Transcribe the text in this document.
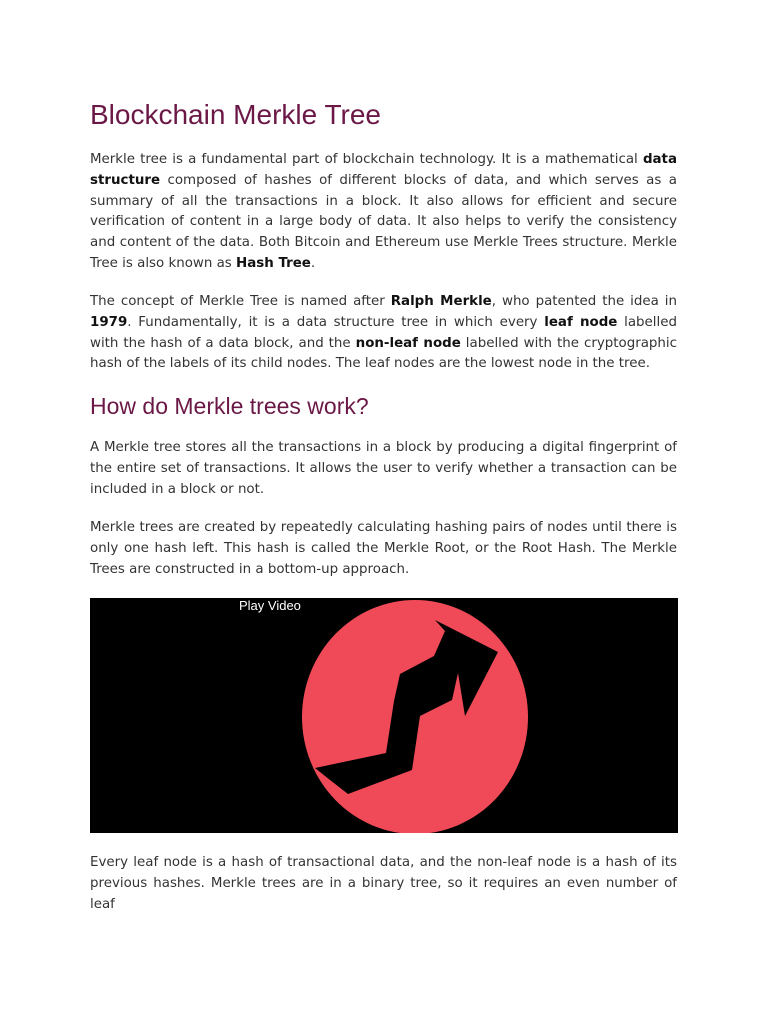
Blockchain Merkle Tree

Merkle tree is a fundamental part of blockchain technology. It is a mathematical data structure composed of hashes of different blocks of data, and which serves as a summary of all the transactions in a block. It also allows for efficient and secure verification of content in a large body of data. It also helps to verify the consistency and content of the data. Both Bitcoin and Ethereum use Merkle Trees structure. Merkle Tree is also known as Hash Tree.

The concept of Merkle Tree is named after Ralph Merkle, who patented the idea in 1979. Fundamentally, it is a data structure tree in which every leaf node labelled with the hash of a data block, and the non-leaf node labelled with the cryptographic hash of the labels of its child nodes. The leaf nodes are the lowest node in the tree.

How do Merkle trees work?

A Merkle tree stores all the transactions in a block by producing a digital fingerprint of the entire set of transactions. It allows the user to verify whether a transaction can be included in a block or not.

Merkle trees are created by repeatedly calculating hashing pairs of nodes until there is only one hash left. This hash is called the Merkle Root, or the Root Hash. The Merkle Trees are constructed in a bottom-up approach.

Every leaf node is a hash of transactional data, and the non-leaf node is a hash of its previous hashes. Merkle trees are in a binary tree, so it requires an even number of leaf

Play Video
